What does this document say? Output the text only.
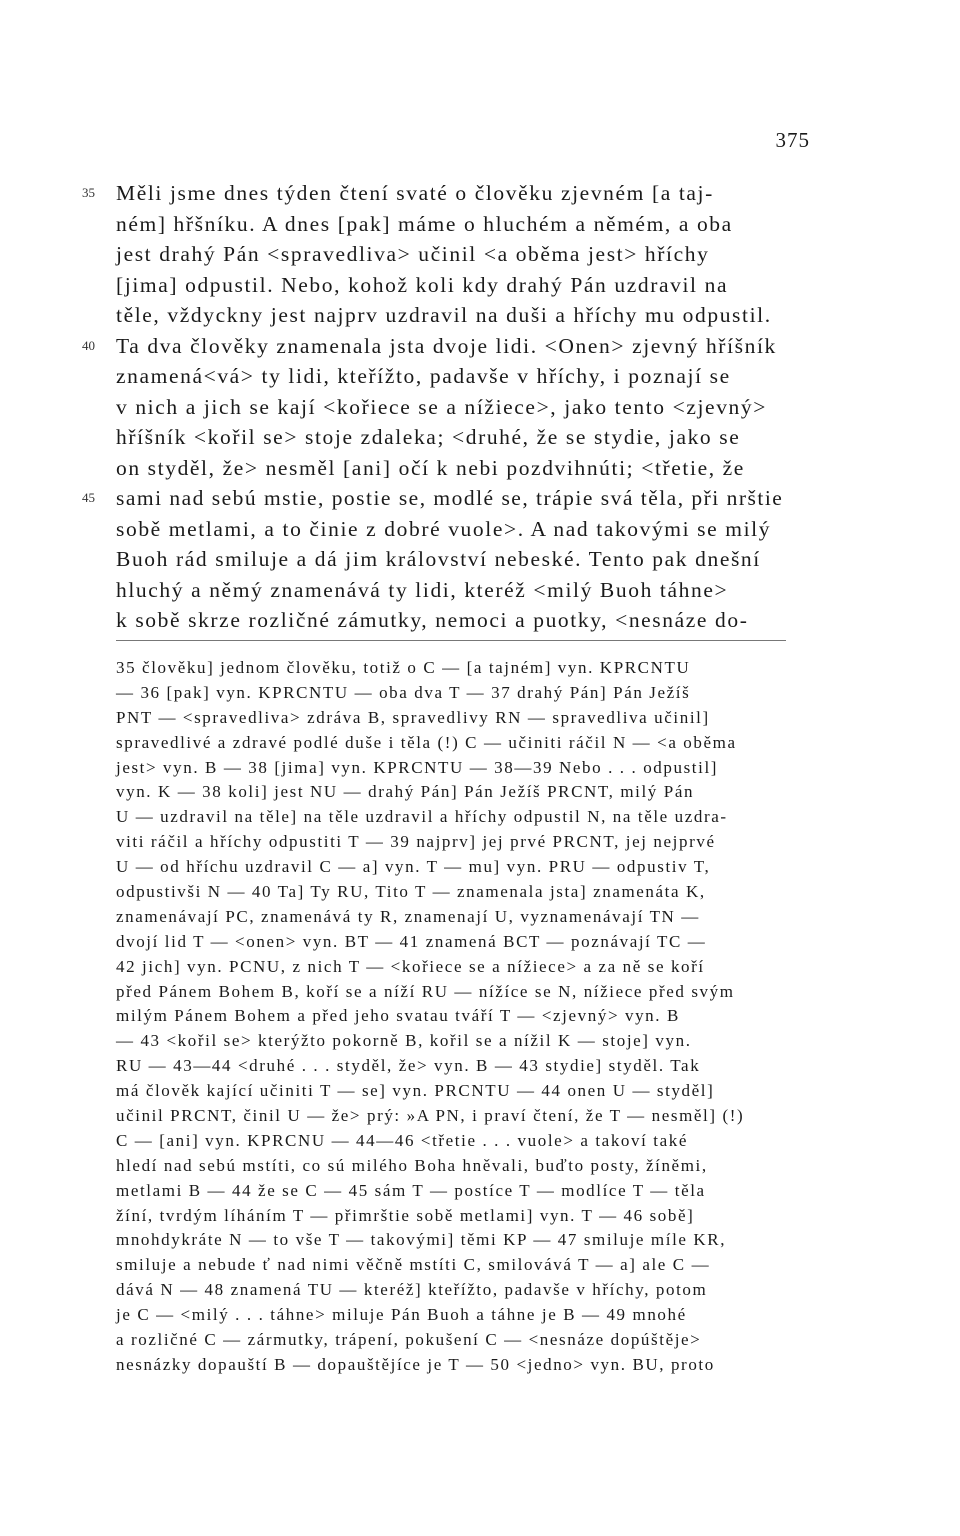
375
35 Měli jsme dnes týden čtení svaté o člověku zjevném [a taj-
ném] hřšníku. A dnes [pak] máme o hluchém a němém, a oba
jest drahý Pán <spravedliva> učinil <a oběma jest> hříchy
[jima] odpustil. Nebo, kohož koli kdy drahý Pán uzdravil na
těle, vždyckny jest najprv uzdravil na duši a hříchy mu odpustil.
40 Ta dva člověky znamenala jsta dvoje lidi. <Onen> zjevný hříšník
znamená<vá> ty lidi, kteřížto, padavše v hříchy, i poznají se
v nich a jich se kají <kořiece se a nížiece>, jako tento <zjevný>
hříšník <kořil se> stoje zdaleka; <druhé, že se stydie, jako se
on styděl, že> nesměl [ani] očí k nebi pozdvihnúti; <třetie, že
45 sami nad sebú mstie, postie se, modlé se, trápie svá těla, při nrštie
sobě metlami, a to činie z dobré vuole>. A nad takovými se milý
Buoh rád smiluje a dá jim království nebeské. Tento pak dnešní
hluchý a němý znamenává ty lidi, kteréž <milý Buoh táhne>
k sobě skrze rozličné zámutky, nemoci a puotky, <nesnáze do-
35 člověku] jednom člověku, totiž o C — [a tajném] vyn. KPRCNTU— 36 [pak] vyn. KPRCNTU — oba dva T — 37 drahý Pán] Pán JežíšPNT — <spravedliva> zdráva B, spravedlivy RN — spravedliva učinil]spravedlivé a zdravé podlé duše i těla (!) C — učiniti ráčil N — <a oběmajest> vyn. B — 38 [jima] vyn. KPRCNTU — 38—39 Nebo . . . odpustil]vyn. K — 38 koli] jest NU — drahý Pán] Pán Ježíš PRCNT, milý PánU — uzdravil na těle] na těle uzdravil a hříchy odpustil N, na těle uzdra-viti ráčil a hříchy odpustiti T — 39 najprv] jej prvé PRCNT, jej nejprvéU — od hříchu uzdravil C — a] vyn. T — mu] vyn. PRU — odpustiv T,odpustivši N — 40 Ta] Ty RU, Tito T — znamenala jsta] znamenáta K,znamenávají PC, znamenává ty R, znamenají U, vyznamenávají TN —dvojí lid T — <onen> vyn. BT — 41 znamená BCT — poznávají TC —42 jich] vyn. PCNU, z nich T — <kořiece se a nížiece> a za ně se kořípřed Pánem Bohem B, koří se a níží RU — nížíce se N, nížiece před svýmmilým Pánem Bohem a před jeho svatau tváří T — <zjevný> vyn. B— 43 <kořil se> kterýžto pokorně B, kořil se a nížil K — stoje] vyn.RU — 43—44 <druhé . . . styděl, že> vyn. B — 43 stydie] styděl. Takmá člověk kající učiniti T — se] vyn. PRCNTU — 44 onen U — styděl]učinil PRCNT, činil U — že> prý: »A PN, i praví čtení, že T — nesměl] (!)C — [ani] vyn. KPRCNU — 44—46 <třetie . . . vuole> a takoví takéhledí nad sebú mstíti, co sú milého Boha hněvali, buďto posty, žíněmi,metlami B — 44 že se C — 45 sám T — postíce T — modlíce T — tělažíní, tvrdým líháním T — přimrštie sobě metlami] vyn. T — 46 sobě]mnohdykráte N — to vše T — takovými] těmi KP — 47 smiluje míle KR,smiluje a nebude ť nad nimi věčně mstíti C, smilovává T — a] ale C —dává N — 48 znamená TU — kteréž] kteřížto, padavše v hříchy, potomje C — <milý . . . táhne> miluje Pán Buoh a táhne je B — 49 mnohéa rozličné C — zármutky, trápení, pokušení C — <nesnáze dopúštěje>nesnázky dopauští B — dopauštějíce je T — 50 <jedno> vyn. BU, proto
